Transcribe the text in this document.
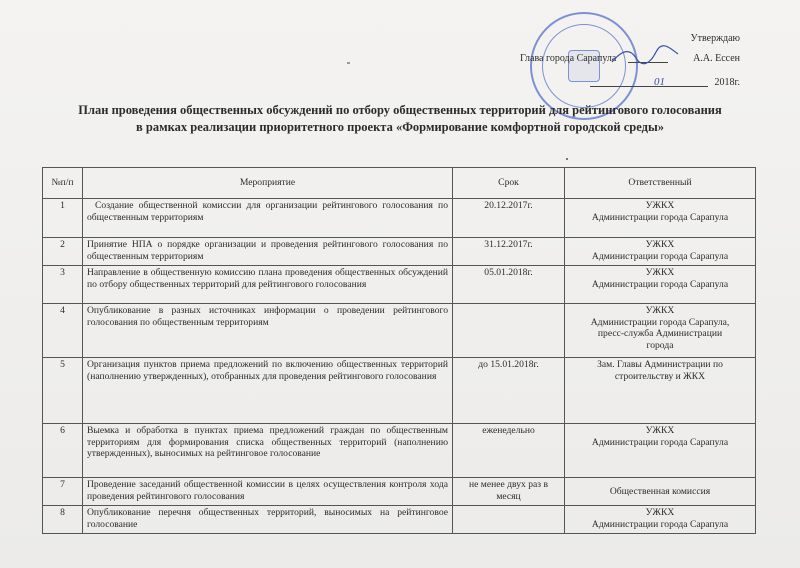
Утверждаю
Глава города Сарапула	А.А. Ессен
01	2018г.
План проведения общественных обсуждений по отбору общественных территорий для рейтингового голосования
в рамках реализации приоритетного проекта «Формирование комфортной городской среды»
№п/п	Мероприятие	Срок	Ответственный
1	Создание общественной комиссии для организации рейтингового голосования по общественным территориям	20.12.2017г.	УЖКХ
Администрации города Сарапула

2	Принятие НПА о порядке организации и проведения рейтингового голосования по общественным территориям	31.12.2017г.	УЖКХ
Администрации города Сарапула

3	Направление в общественную комиссию плана проведения общественных обсуждений по отбору общественных территорий для рейтингового голосования	05.01.2018г.	УЖКХ
Администрации города Сарапула

4	Опубликование в разных источниках информации о проведении рейтингового голосования по общественным территориям		УЖКХ
Администрации города Сарапула,
пресс-служба Администрации
города

5	Организация пунктов приема предложений по включению общественных территорий (наполнению утвержденных), отобранных для проведения рейтингового голосования	до 15.01.2018г.	Зам. Главы Администрации по
строительству и ЖКХ

6	Выемка и обработка в пунктах приема предложений граждан по общественным территориям для формирования списка общественных территорий (наполнению утвержденных), выносимых на рейтинговое голосование	еженедельно	УЖКХ
Администрации города Сарапула

7	Проведение заседаний общественной комиссии в целях осуществления контроля хода проведения рейтингового голосования	не менее двух раз в месяц	Общественная комиссия

8	Опубликование перечня общественных территорий, выносимых на рейтинговое голосование		УЖКХ
Администрации города Сарапула
